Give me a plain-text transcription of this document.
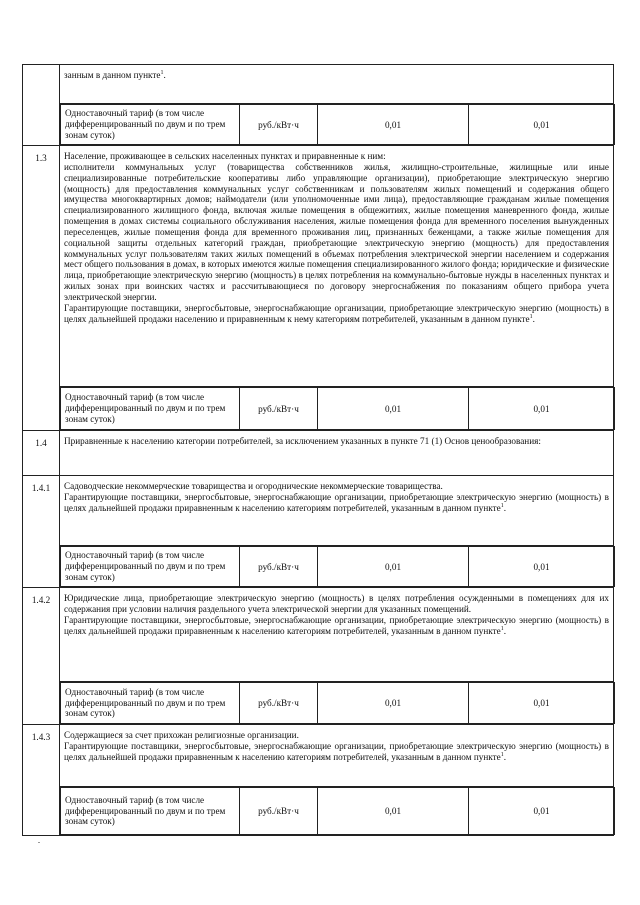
занным в данном пункте$^1$.

Одноставочный тариф (в том числе дифференцированный по двум и по трем зонам суток)	руб./кВт·ч	0,01	0,01

1.3	Население, проживающее в сельских населенных пунктах и приравненные к ним:

исполнители коммунальных услуг (товарищества собственников жилья, жилищно-строительные, жилищные или иные специализированные потребительские кооперативы либо управляющие организации), приобретающие электрическую энергию (мощность) для предоставления коммунальных услуг собственникам и пользователям жилых помещений и содержания общего имущества многоквартирных домов; наймодатели (или уполномоченные ими лица), предоставляющие гражданам жилые помещения специализированного жилищного фонда, включая жилые помещения в общежитиях, жилые помещения маневренного фонда, жилые помещения в домах системы социального обслуживания населения, жилые помещения фонда для временного поселения вынужденных переселенцев, жилые помещения фонда для временного проживания лиц, признанных беженцами, а также жилые помещения для социальной защиты отдельных категорий граждан, приобретающие электрическую энергию (мощность) для предоставления коммунальных услуг пользователям таких жилых помещений в объемах потребления электрической энергии населением и содержания мест общего пользования в домах, в которых имеются жилые помещения специализированного жилого фонда; юридические и физические лица, приобретающие электрическую энергию (мощность) в целях потребления на коммунально-бытовые нужды в населенных пунктах и жилых зонах при воинских частях и рассчитывающиеся по договору энергоснабжения по показаниям общего прибора учета электрической энергии.

Гарантирующие поставщики, энергосбытовые, энергоснабжающие организации, приобретающие электрическую энергию (мощность) в целях дальнейшей продажи населению и приравненным к нему категориям потребителей, указанным в данном пункте$^1$.

Одноставочный тариф (в том числе дифференцированный по двум и по трем зонам суток)	руб./кВт·ч	0,01	0,01

1.4	Приравненные к населению категории потребителей, за исключением указанных в пункте 71 (1) Основ ценообразования:

1.4.1	Садоводческие некоммерческие товарищества и огороднические некоммерческие товарищества.

Гарантирующие поставщики, энергосбытовые, энергоснабжающие организации, приобретающие электрическую энергию (мощность) в целях дальнейшей продажи приравненным к населению категориям потребителей, указанным в данном пункте$^1$.

Одноставочный тариф (в том числе дифференцированный по двум и по трем зонам суток)	руб./кВт·ч	0,01	0,01

1.4.2	Юридические лица, приобретающие электрическую энергию (мощность) в целях потребления осужденными в помещениях для их содержания при условии наличия раздельного учета электрической энергии для указанных помещений.

Гарантирующие поставщики, энергосбытовые, энергоснабжающие организации, приобретающие электрическую энергию (мощность) в целях дальнейшей продажи приравненным к населению категориям потребителей, указанным в данном пункте$^1$.

Одноставочный тариф (в том числе дифференцированный по двум и по трем зонам суток)	руб./кВт·ч	0,01	0,01

1.4.3	Содержащиеся за счет прихожан религиозные организации.

Гарантирующие поставщики, энергосбытовые, энергоснабжающие организации, приобретающие электрическую энергию (мощность) в целях дальнейшей продажи приравненным к населению категориям потребителей, указанным в данном пункте$^1$.

Одноставочный тариф (в том числе дифференцированный по двум и по трем зонам суток)	руб./кВт·ч	0,01	0,01
